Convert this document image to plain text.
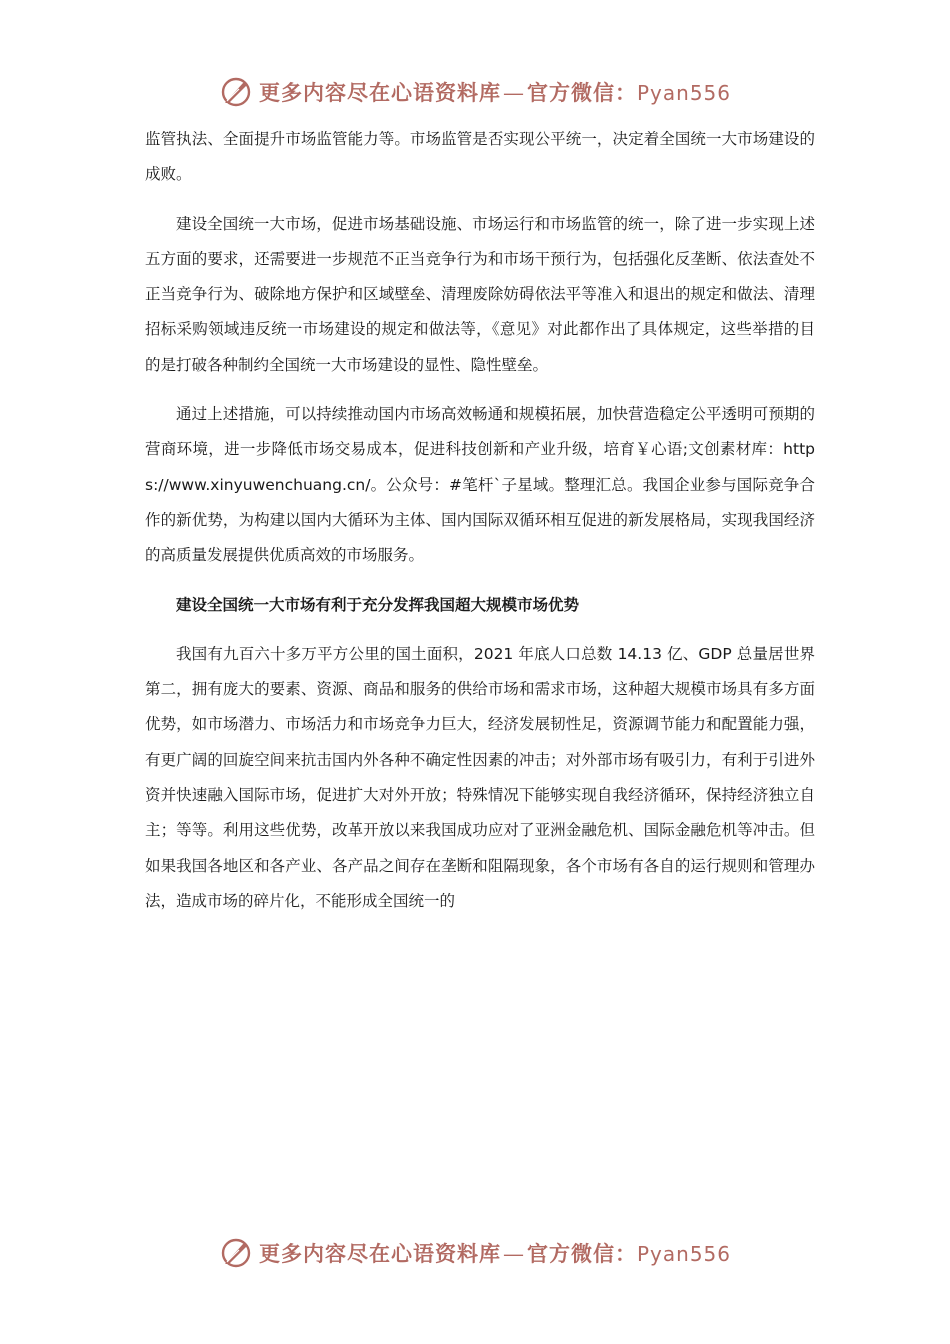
更多内容尽在心语资料库—官方微信：Pyan556

监管执法、全面提升市场监管能力等。市场监管是否实现公平统一，决定着全国统一大市场建设的成败。

建设全国统一大市场，促进市场基础设施、市场运行和市场监管的统一，除了进一步实现上述五方面的要求，还需要进一步规范不正当竞争行为和市场干预行为，包括强化反垄断、依法查处不正当竞争行为、破除地方保护和区域壁垒、清理废除妨碍依法平等准入和退出的规定和做法、清理招标采购领域违反统一市场建设的规定和做法等，《意见》对此都作出了具体规定，这些举措的目的是打破各种制约全国统一大市场建设的显性、隐性壁垒。

通过上述措施，可以持续推动国内市场高效畅通和规模拓展，加快营造稳定公平透明可预期的营商环境，进一步降低市场交易成本，促进科技创新和产业升级，培育￥心语;文创素材库：https://www.xinyuwenchuang.cn/。公众号：#笔杆`子星域。整理汇总。我国企业参与国际竞争合作的新优势，为构建以国内大循环为主体、国内国际双循环相互促进的新发展格局，实现我国经济的高质量发展提供优质高效的市场服务。

建设全国统一大市场有利于充分发挥我国超大规模市场优势

我国有九百六十多万平方公里的国土面积，2021 年底人口总数 14.13 亿、GDP 总量居世界第二，拥有庞大的要素、资源、商品和服务的供给市场和需求市场，这种超大规模市场具有多方面优势，如市场潜力、市场活力和市场竞争力巨大，经济发展韧性足，资源调节能力和配置能力强，有更广阔的回旋空间来抗击国内外各种不确定性因素的冲击；对外部市场有吸引力，有利于引进外资并快速融入国际市场，促进扩大对外开放；特殊情况下能够实现自我经济循环，保持经济独立自主；等等。利用这些优势，改革开放以来我国成功应对了亚洲金融危机、国际金融危机等冲击。但如果我国各地区和各产业、各产品之间存在垄断和阻隔现象，各个市场有各自的运行规则和管理办法，造成市场的碎片化，不能形成全国统一的

更多内容尽在心语资料库—官方微信：Pyan556
